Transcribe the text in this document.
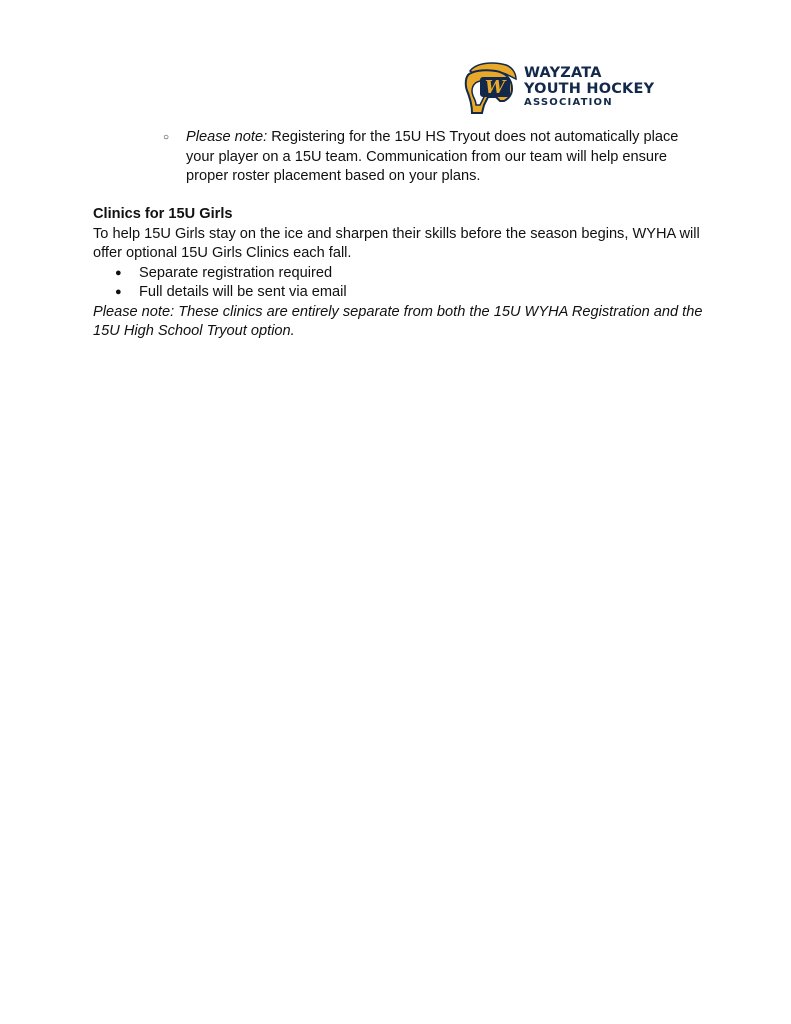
W
WAYZATA
YOUTH HOCKEY
ASSOCIATION
○ Please note: Registering for the 15U HS Tryout does not automatically place your player on a 15U team. Communication from our team will help ensure proper roster placement based on your plans.
Clinics for 15U Girls

To help 15U Girls stay on the ice and sharpen their skills before the season begins, WYHA will offer optional 15U Girls Clinics each fall.

● Separate registration required
● Full details will be sent via email

Please note: These clinics are entirely separate from both the 15U WYHA Registration and the 15U High School Tryout option.
